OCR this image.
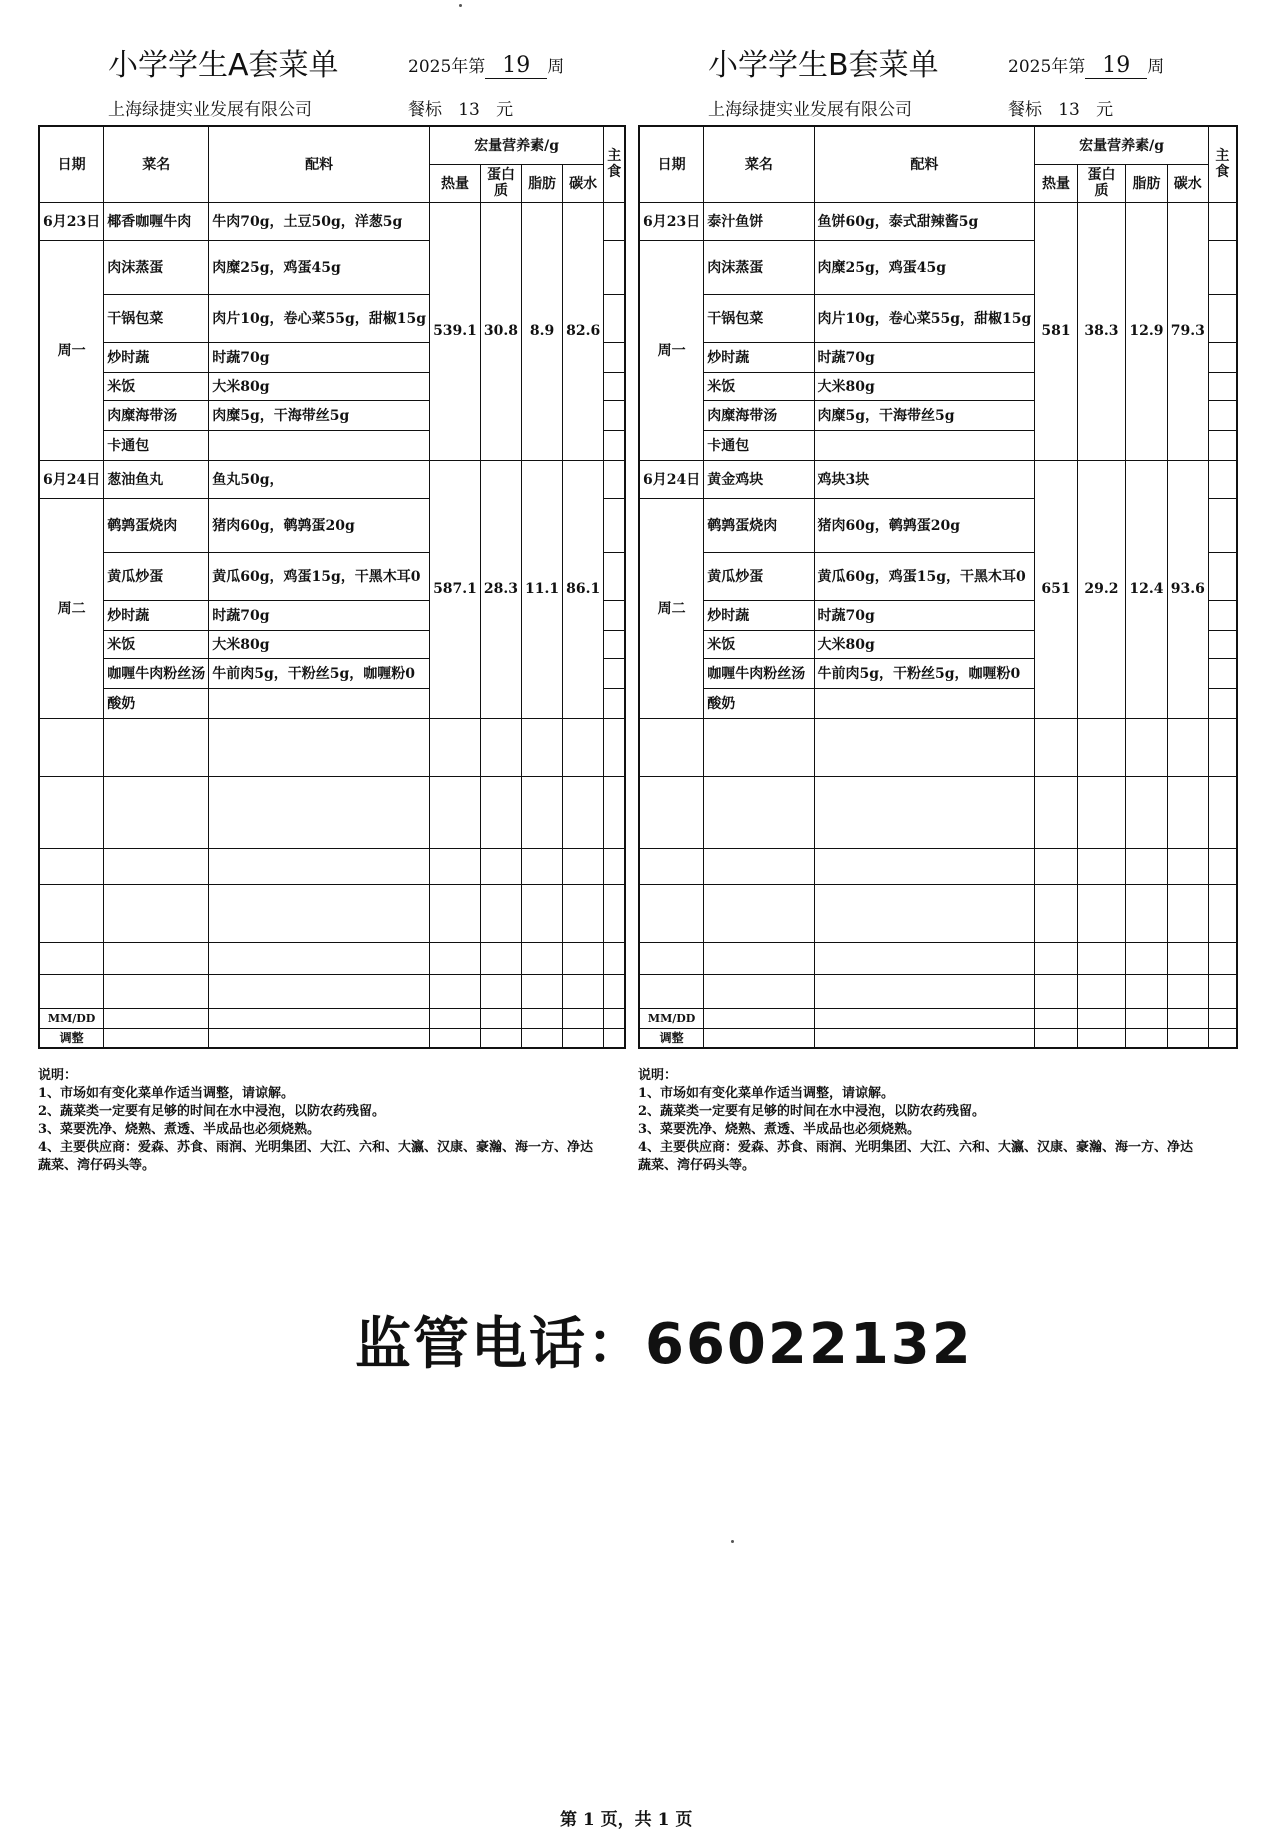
小学学生A套菜单	2025年第 19 周
上海绿捷实业发展有限公司	餐标 13 元
日期	菜名	配料	宏量营养素/g				主食
			热量	蛋白质	脂肪	碳水	
6月23日	椰香咖喱牛肉	牛肉70g，土豆50g，洋葱5g	539.1	30.8	8.9	82.6	
周一	肉沫蒸蛋	肉糜25g，鸡蛋45g					
	干锅包菜	肉片10g，卷心菜55g，甜椒15g					
	炒时蔬	时蔬70g					
	米饭	大米80g					
	肉糜海带汤	肉糜5g，干海带丝5g					
	卡通包						
6月24日	葱油鱼丸	鱼丸50g，	587.1	28.3	11.1	86.1	
周二	鹌鹑蛋烧肉	猪肉60g，鹌鹑蛋20g					
	黄瓜炒蛋	黄瓜60g，鸡蛋15g，干黑木耳0					
	炒时蔬	时蔬70g					
	米饭	大米80g					
	咖喱牛肉粉丝汤	牛前肉5g，干粉丝5g，咖喱粉0					
	酸奶						

MM/DD							
调整							
说明：
1、市场如有变化菜单作适当调整，请谅解。
2、蔬菜类一定要有足够的时间在水中浸泡，以防农药残留。
3、菜要洗净、烧熟、煮透、半成品也必须烧熟。
4、主要供应商：爱森、苏食、雨润、光明集团、大江、六和、大瀛、汉康、豪瀚、海一方、净达蔬菜、湾仔码头等。
小学学生B套菜单	2025年第 19 周
上海绿捷实业发展有限公司	餐标 13 元
日期	菜名	配料	宏量营养素/g				主食
			热量	蛋白质	脂肪	碳水	
6月23日	泰汁鱼饼	鱼饼60g，泰式甜辣酱5g	581	38.3	12.9	79.3	
周一	肉沫蒸蛋	肉糜25g，鸡蛋45g					
	干锅包菜	肉片10g，卷心菜55g，甜椒15g					
	炒时蔬	时蔬70g					
	米饭	大米80g					
	肉糜海带汤	肉糜5g，干海带丝5g					
	卡通包						
6月24日	黄金鸡块	鸡块3块	651	29.2	12.4	93.6	
周二	鹌鹑蛋烧肉	猪肉60g，鹌鹑蛋20g					
	黄瓜炒蛋	黄瓜60g，鸡蛋15g，干黑木耳0					
	炒时蔬	时蔬70g					
	米饭	大米80g					
	咖喱牛肉粉丝汤	牛前肉5g，干粉丝5g，咖喱粉0					
	酸奶						

MM/DD							
调整							
说明：
1、市场如有变化菜单作适当调整，请谅解。
2、蔬菜类一定要有足够的时间在水中浸泡，以防农药残留。
3、菜要洗净、烧熟、煮透、半成品也必须烧熟。
4、主要供应商：爱森、苏食、雨润、光明集团、大江、六和、大瀛、汉康、豪瀚、海一方、净达蔬菜、湾仔码头等。
监管电话：66022132
第 1 页，共 1 页
